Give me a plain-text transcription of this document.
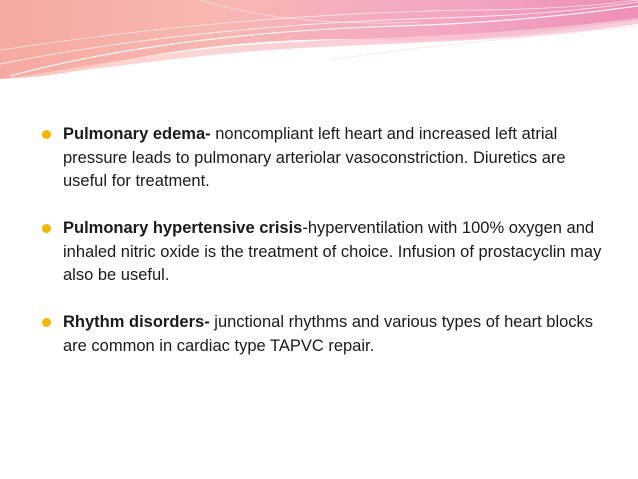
Pulmonary edema- noncompliant left heart and increased left atrial pressure leads to pulmonary arteriolar vasoconstriction. Diuretics are useful for treatment.
Pulmonary hypertensive crisis-hyperventilation with 100% oxygen and inhaled nitric oxide is the treatment of choice. Infusion of prostacyclin may also be useful.
Rhythm disorders- junctional rhythms and various types of heart blocks are common in cardiac type TAPVC repair.
